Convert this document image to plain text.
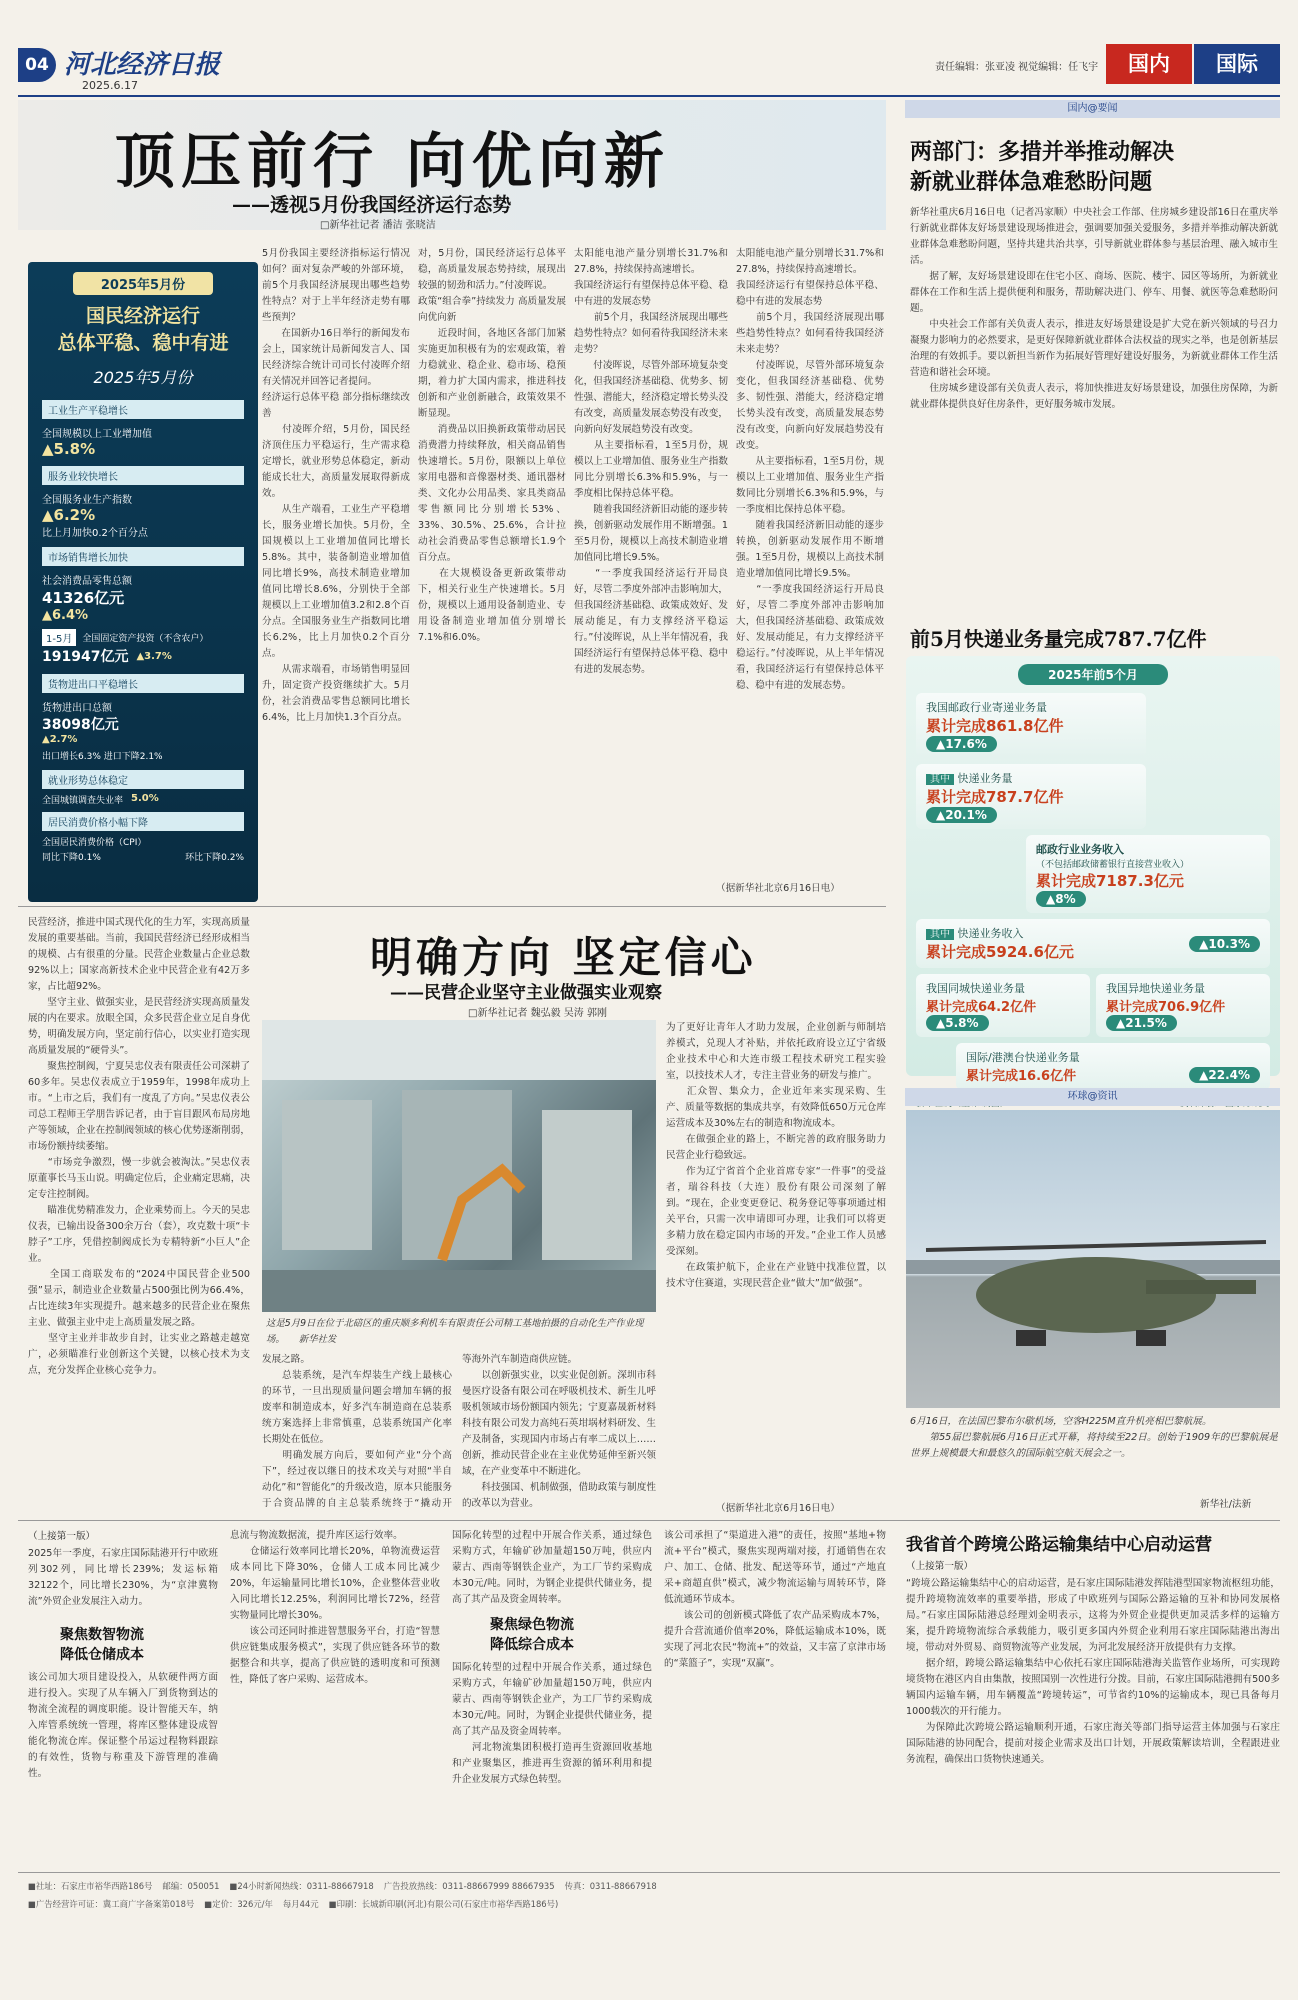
04 河北经济日报
2025.6.17
责任编辑：张亚凌 视觉编辑：任飞宇	国内	国际
顶压前行 向优向新
——透视5月份我国经济运行态势
□新华社记者 潘洁 张晓洁
2025年5月份
国民经济运行
总体平稳、稳中有进
2025年5月份
工业生产平稳增长
全国规模以上工业增加值
▲5.8%
服务业较快增长
全国服务业生产指数
▲6.2%
比上月加快0.2个百分点
市场销售增长加快
社会消费品零售总额
41326亿元
▲6.4%
1-5月	全国固定资产投资（不含农户）
191947亿元 ▲3.7%
货物进出口平稳增长
货物进出口总额
38098亿元
▲2.7%
出口增长6.3% 进口下降2.1%
就业形势总体稳定
全国城镇调查失业率 5.0%
居民消费价格小幅下降
全国居民消费价格（CPI）
同比下降0.1%	环比下降0.2%
5月份我国主要经济指标运行情况如何？面对复杂严峻的外部环境，前5个月我国经济展现出哪些趋势性特点？对于上半年经济走势有哪些预判？
　　在国新办16日举行的新闻发布会上，国家统计局新闻发言人、国民经济综合统计司司长付凌晖介绍有关情况并回答记者提问。
经济运行总体平稳 部分指标继续改善
　　付凌晖介绍，5月份，国民经济顶住压力平稳运行，生产需求稳定增长，就业形势总体稳定，新动能成长壮大，高质量发展取得新成效。
　　从生产端看，工业生产平稳增长，服务业增长加快。5月份，全国规模以上工业增加值同比增长5.8%。其中，装备制造业增加值同比增长9%，高技术制造业增加值同比增长8.6%，分别快于全部规模以上工业增加值3.2和2.8个百分点。全国服务业生产指数同比增长6.2%，比上月加快0.2个百分点。
　　从需求端看，市场销售明显回升，固定资产投资继续扩大。5月份，社会消费品零售总额同比增长6.4%，比上月加快1.3个百分点。
对，5月份，国民经济运行总体平稳，高质量发展态势持续，展现出较强的韧劲和活力。”付凌晖说。
政策“组合拳”持续发力 高质量发展向优向新
　　近段时间，各地区各部门加紧实施更加积极有为的宏观政策，着力稳就业、稳企业、稳市场、稳预期，着力扩大国内需求，推进科技创新和产业创新融合，政策效果不断显现。
　　消费品以旧换新政策带动居民消费潜力持续释放，相关商品销售快速增长。5月份，限额以上单位家用电器和音像器材类、通讯器材类、文化办公用品类、家具类商品零售额同比分别增长53%、33%、30.5%、25.6%，合计拉动社会消费品零售总额增长1.9个百分点。
　　在大规模设备更新政策带动下，相关行业生产快速增长。5月份，规模以上通用设备制造业、专用设备制造业增加值分别增长7.1%和6.0%。
太阳能电池产量分别增长31.7%和27.8%，持续保持高速增长。
我国经济运行有望保持总体平稳、稳中有进的发展态势
　　前5个月，我国经济展现出哪些趋势性特点？如何看待我国经济未来走势？
　　付凌晖说，尽管外部环境复杂变化，但我国经济基础稳、优势多、韧性强、潜能大，经济稳定增长势头没有改变，高质量发展态势没有改变，向新向好发展趋势没有改变。
　　从主要指标看，1至5月份，规模以上工业增加值、服务业生产指数同比分别增长6.3%和5.9%，与一季度相比保持总体平稳。
　　随着我国经济新旧动能的逐步转换，创新驱动发展作用不断增强。1至5月份，规模以上高技术制造业增加值同比增长9.5%。
　　“一季度我国经济运行开局良好，尽管二季度外部冲击影响加大，但我国经济基础稳、政策成效好、发展动能足，有力支撑经济平稳运行。”付凌晖说，从上半年情况看，我国经济运行有望保持总体平稳、稳中有进的发展态势。
太阳能电池产量分别增长31.7%和27.8%，持续保持高速增长。
我国经济运行有望保持总体平稳、稳中有进的发展态势
　　前5个月，我国经济展现出哪些趋势性特点？如何看待我国经济未来走势？
　　付凌晖说，尽管外部环境复杂变化，但我国经济基础稳、优势多、韧性强、潜能大，经济稳定增长势头没有改变，高质量发展态势没有改变，向新向好发展趋势没有改变。
　　从主要指标看，1至5月份，规模以上工业增加值、服务业生产指数同比分别增长6.3%和5.9%，与一季度相比保持总体平稳。
　　随着我国经济新旧动能的逐步转换，创新驱动发展作用不断增强。1至5月份，规模以上高技术制造业增加值同比增长9.5%。
　　“一季度我国经济运行开局良好，尽管二季度外部冲击影响加大，但我国经济基础稳、政策成效好、发展动能足，有力支撑经济平稳运行。”付凌晖说，从上半年情况看，我国经济运行有望保持总体平稳、稳中有进的发展态势。
（据新华社北京6月16日电）
国内@要闻
两部门：多措并举推动解决
新就业群体急难愁盼问题
新华社重庆6月16日电（记者冯家顺）中央社会工作部、住房城乡建设部16日在重庆举行新就业群体友好场景建设现场推进会，强调要加强关爱服务，多措并举推动解决新就业群体急难愁盼问题，坚持共建共治共享，引导新就业群体参与基层治理、融入城市生活。
　　据了解，友好场景建设即在住宅小区、商场、医院、楼宇、园区等场所，为新就业群体在工作和生活上提供便利和服务，帮助解决进门、停车、用餐、就医等急难愁盼问题。
　　中央社会工作部有关负责人表示，推进友好场景建设是扩大党在新兴领域的号召力凝聚力影响力的必然要求，是更好保障新就业群体合法权益的现实之举，也是创新基层治理的有效抓手。要以新担当新作为拓展好管理好建设好服务，为新就业群体工作生活营造和谐社会环境。
　　住房城乡建设部有关负责人表示，将加快推进友好场景建设，加强住房保障，为新就业群体提供良好住房条件，更好服务城市发展。
前5月快递业务量完成787.7亿件
2025年前5个月
我国邮政行业寄递业务量
累计完成861.8亿件
▲17.6%
其中 快递业务量
累计完成787.7亿件
▲20.1%
邮政行业业务收入
（不包括邮政储蓄银行直接营业收入）
累计完成7187.3亿元
▲8%
其中 快递业务收入
累计完成5924.6亿元	▲10.3%
我国同城快递业务量
累计完成64.2亿件
▲5.8%
我国异地快递业务量
累计完成706.9亿件
▲21.5%
国际/港澳台快递业务量
累计完成16.6亿件	▲22.4%
环球@资讯
6月16日，在法国巴黎布尔歇机场，空客H225M直升机亮相巴黎航展。
　　第55届巴黎航展6月16日正式开幕，将持续至22日。创始于1909年的巴黎航展是世界上规模最大和最悠久的国际航空航天展会之一。
新华社/法新
明确方向 坚定信心
——民营企业坚守主业做强实业观察
□新华社记者 魏弘毅 吴涛 郭刚
民营经济，推进中国式现代化的生力军，实现高质量发展的重要基础。当前，我国民营经济已经形成相当的规模、占有很重的分量。民营企业数量占企业总数92%以上；国家高新技术企业中民营企业有42万多家，占比超92%。
　　坚守主业、做强实业，是民营经济实现高质量发展的内在要求。放眼全国，众多民营企业立足自身优势，明确发展方向，坚定前行信心，以实业打造实现高质量发展的“硬骨头”。
　　聚焦控制阀，宁夏吴忠仪表有限责任公司深耕了60多年。吴忠仪表成立于1959年，1998年成功上市。“上市之后，我们有一度乱了方向。”吴忠仪表公司总工程师王学朋告诉记者，由于盲目跟风布局房地产等领域，企业在控制阀领域的核心优势逐渐削弱，市场份额持续萎缩。
　　“市场竞争激烈，慢一步就会被淘汰。”吴忠仪表原董事长马玉山说。明确定位后，企业痛定思痛，决定专注控制阀。
　　瞄准优势精准发力，企业乘势而上。今天的吴忠仪表，已输出设备300余万台（套），攻克数十项“卡脖子”工序，凭借控制阀成长为专精特新“小巨人”企业。
　　全国工商联发布的“2024中国民营企业500强”显示，制造业企业数量占500强比例为66.4%，占比连续3年实现提升。越来越多的民营企业在聚焦主业、做强主业中走上高质量发展之路。
　　坚守主业并非故步自封，让实业之路越走越宽广，必须瞄准行业创新这个关键，以核心技术为支点，充分发挥企业核心竞争力。
这是5月9日在位于北碚区的重庆顺多利机车有限责任公司精工基地拍摄的自动化生产作业现场。　　新华社发
发展之路。
　　总装系统，是汽车焊装生产线上最核心的环节，一旦出现质量问题会增加车辆的报废率和制造成本，好多汽车制造商在总装系统方案选择上非常慎重，总装系统国产化率长期处在低位。
　　明确发展方向后，要如何产业“分个高下”，经过夜以继日的技术攻关与对照“半自动化”和“智能化”的升级改造，原本只能服务于合资品牌的自主总装系统终于“撬动开

等海外汽车制造商供应链。
　　以创新强实业，以实业促创新。深圳市科曼医疗设备有限公司在呼吸机技术、新生儿呼吸机领域市场份额国内领先；宁夏嘉晟新材料科技有限公司发力高纯石英坩埚材料研发、生产及制备，实现国内市场占有率二成以上……创新，推动民营企业在主业优势延伸至新兴领域，在产业变革中不断进化。
　　科技强国、机制做强，借助政策与制度性的改革以为营业。
为了更好让青年人才助力发展，企业创新与师制培养模式，兑现人才补贴，并依托政府设立辽宁省级企业技术中心和大连市级工程技术研究工程实验室，以技技术人才，专注主营业务的研发与推广。
　　汇众智、集众力，企业近年来实现采购、生产、质量等数据的集成共享，有效降低650万元仓库运营成本及30%左右的制造和物流成本。
　　在做强企业的路上，不断完善的政府服务助力民营企业行稳致远。
　　作为辽宁省首个企业首席专家“一件事”的受益者，瑞谷科技（大连）股份有限公司深刻了解到。“现在，企业变更登记、税务登记等事项通过相关平台，只需一次申请即可办理，让我们可以将更多精力放在稳定国内市场的开发。”企业工作人员感受深刻。
　　在政策护航下，企业在产业链中找准位置，以技术守住赛道，实现民营企业“做大”加“做强”。
（据新华社北京6月16日电）
（上接第一版）
2025年一季度，石家庄国际陆港开行中欧班列302列，同比增长239%；发运标箱32122个，同比增长230%，为“京津冀物流”外贸企业发展注入动力。
聚焦数智物流
降低仓储成本
该公司加大项目建设投入，从软硬件两方面进行投入。实现了从车辆入厂到货物到达的物流全流程的调度职能。设计智能天车，纳入库管系统统一管理，将库区整体建设成智能化物流仓库。保证整个吊运过程物料跟踪的有效性，货物与称重及下游管理的准确性。
息流与物流数据流，提升库区运行效率。
　　仓储运行效率同比增长20%，单物流费运营成本同比下降30%，仓储人工成本同比减少20%，年运输量同比增长10%，企业整体营业收入同比增长12.25%，利润同比增长72%，经营实物量同比增长30%。
　　该公司还同时推进智慧服务平台，打造“智慧供应链集成服务模式”，实现了供应链各环节的数据整合和共享，提高了供应链的透明度和可预测性，降低了客户采购、运营成本。
国际化转型的过程中开展合作关系，通过绿色采购方式，年输矿砂加量超150万吨，供应内蒙古、西南等钢铁企业产，为工厂节约采购成本30元/吨。同时，为钢企业提供代储业务，提高了其产品及资金周转率。

聚焦绿色物流
降低综合成本
国际化转型的过程中开展合作关系，通过绿色采购方式，年输矿砂加量超150万吨，供应内蒙古、西南等钢铁企业产，为工厂节约采购成本30元/吨。同时，为钢企业提供代储业务，提高了其产品及资金周转率。
　　河北物流集团积极打造再生资源回收基地和产业聚集区，推进再生资源的循环利用和提升企业发展方式绿色转型。
该公司承担了“渠道进入港”的责任，按照“基地+物流+平台”模式，聚焦实现两端对接，打通销售在农户、加工、仓储、批发、配送等环节，通过“产地直采+商超直供”模式，减少物流运输与周转环节，降低流通环节成本。
　　该公司的创新模式降低了农产品采购成本7%，提升合营流通价值率20%，降低运输成本10%，既实现了河北农民“物流+”的效益，又丰富了京津市场的“菜篮子”，实现“双赢”。
我省首个跨境公路运输集结中心启动运营
（上接第一版）
“跨境公路运输集结中心的启动运营，是石家庄国际陆港发挥陆港型国家物流枢纽功能，提升跨境物流效率的重要举措，形成了中欧班列与国际公路运输的互补和协同发展格局。”石家庄国际陆港总经理刘金明表示，这将为外贸企业提供更加灵活多样的运输方案，提升跨境物流综合承载能力，吸引更多国内外贸企业利用石家庄国际陆港出海出境，带动对外贸易、商贸物流等产业发展，为河北发展经济开放提供有力支撑。
　　据介绍，跨境公路运输集结中心依托石家庄国际陆港海关监管作业场所，可实现跨境货物在港区内自由集散，按照国别一次性进行分拨。目前，石家庄国际陆港拥有500多辆国内运输车辆，用车辆覆盖“跨境转运”，可节省约10%的运输成本，现已具备每月1000载次的开行能力。
　　为保障此次跨境公路运输顺利开通，石家庄海关等部门指导运营主体加强与石家庄国际陆港的协同配合，提前对接企业需求及出口计划，开展政策解读培训，全程跟进业务流程，确保出口货物快速通关。
■社址：石家庄市裕华西路186号 邮编：050051 ■24小时新闻热线：0311-88667918 广告投放热线：0311-88667999 88667935 传真：0311-88667918
■广告经营许可证：冀工商广字备案第018号 ■定价：326元/年 每月44元 ■印刷：长城新印刷(河北)有限公司(石家庄市裕华西路186号)
